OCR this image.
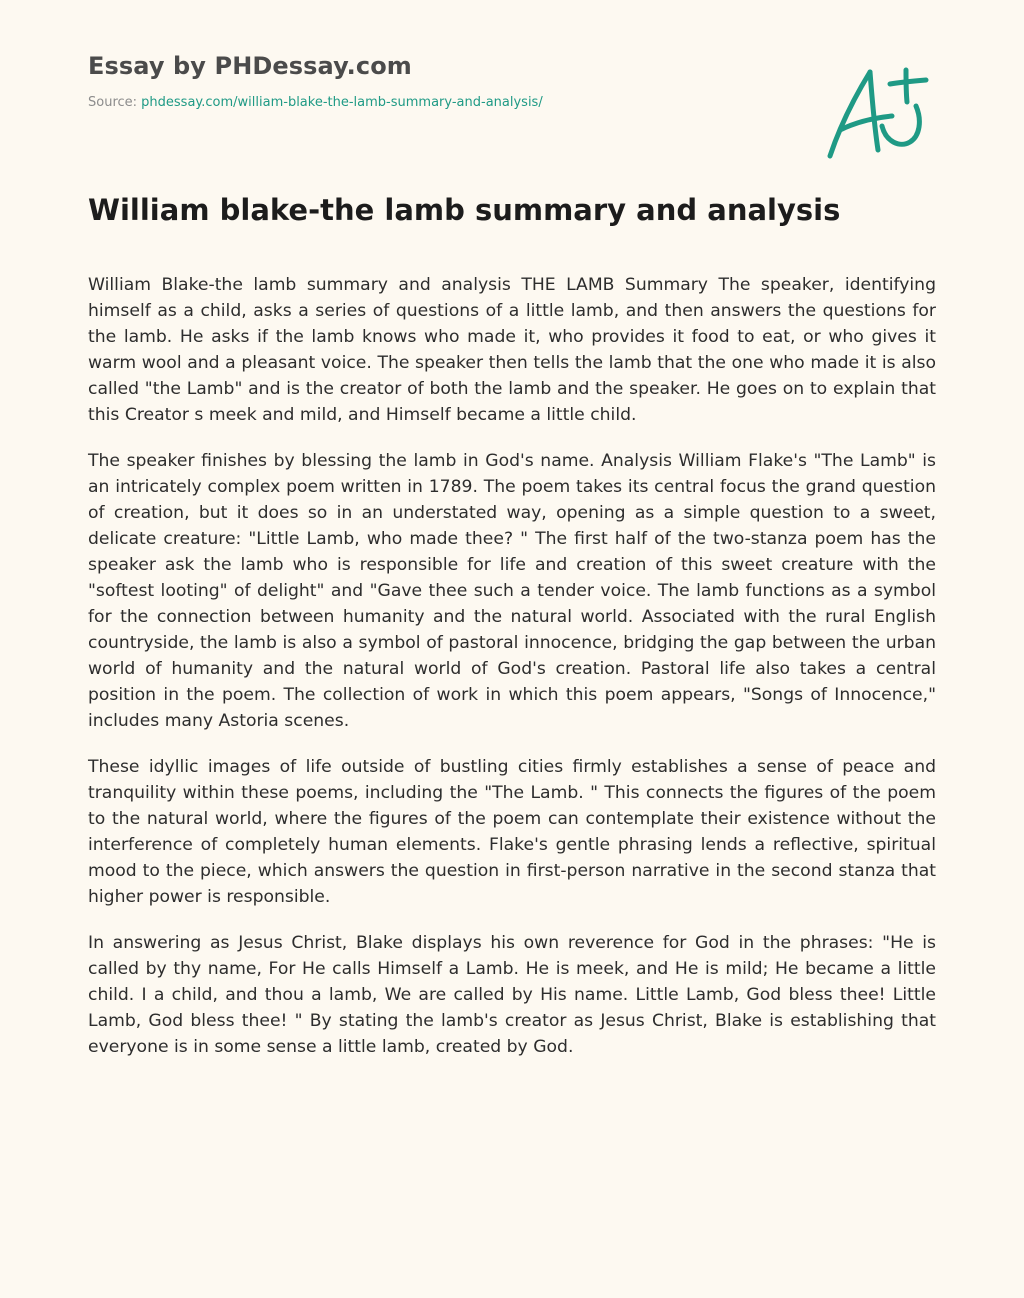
Essay by PHDessay.com
Source: phdessay.com/william-blake-the-lamb-summary-and-analysis/
William blake-the lamb summary and analysis

William Blake-the lamb summary and analysis THE LAMB Summary The speaker, identifying himself as a child, asks a series of questions of a little lamb, and then answers the questions for the lamb. He asks if the lamb knows who made it, who provides it food to eat, or who gives it warm wool and a pleasant voice. The speaker then tells the lamb that the one who made it is also called "the Lamb" and is the creator of both the lamb and the speaker. He goes on to explain that this Creator s meek and mild, and Himself became a little child.

The speaker finishes by blessing the lamb in God's name. Analysis William Flake's "The Lamb" is an intricately complex poem written in 1789. The poem takes its central focus the grand question of creation, but it does so in an understated way, opening as a simple question to a sweet, delicate creature: "Little Lamb, who made thee? " The first half of the two-stanza poem has the speaker ask the lamb who is responsible for life and creation of this sweet creature with the "softest looting" of delight" and "Gave thee such a tender voice. The lamb functions as a symbol for the connection between humanity and the natural world. Associated with the rural English countryside, the lamb is also a symbol of pastoral innocence, bridging the gap between the urban world of humanity and the natural world of God's creation. Pastoral life also takes a central position in the poem. The collection of work in which this poem appears, "Songs of Innocence," includes many Astoria scenes.

These idyllic images of life outside of bustling cities firmly establishes a sense of peace and tranquility within these poems, including the "The Lamb. " This connects the figures of the poem to the natural world, where the figures of the poem can contemplate their existence without the interference of completely human elements. Flake's gentle phrasing lends a reflective, spiritual mood to the piece, which answers the question in first-person narrative in the second stanza that higher power is responsible.

In answering as Jesus Christ, Blake displays his own reverence for God in the phrases: "He is called by thy name, For He calls Himself a Lamb. He is meek, and He is mild; He became a little child. I a child, and thou a lamb, We are called by His name. Little Lamb, God bless thee! Little Lamb, God bless thee! " By stating the lamb's creator as Jesus Christ, Blake is establishing that everyone is in some sense a little lamb, created by God.
